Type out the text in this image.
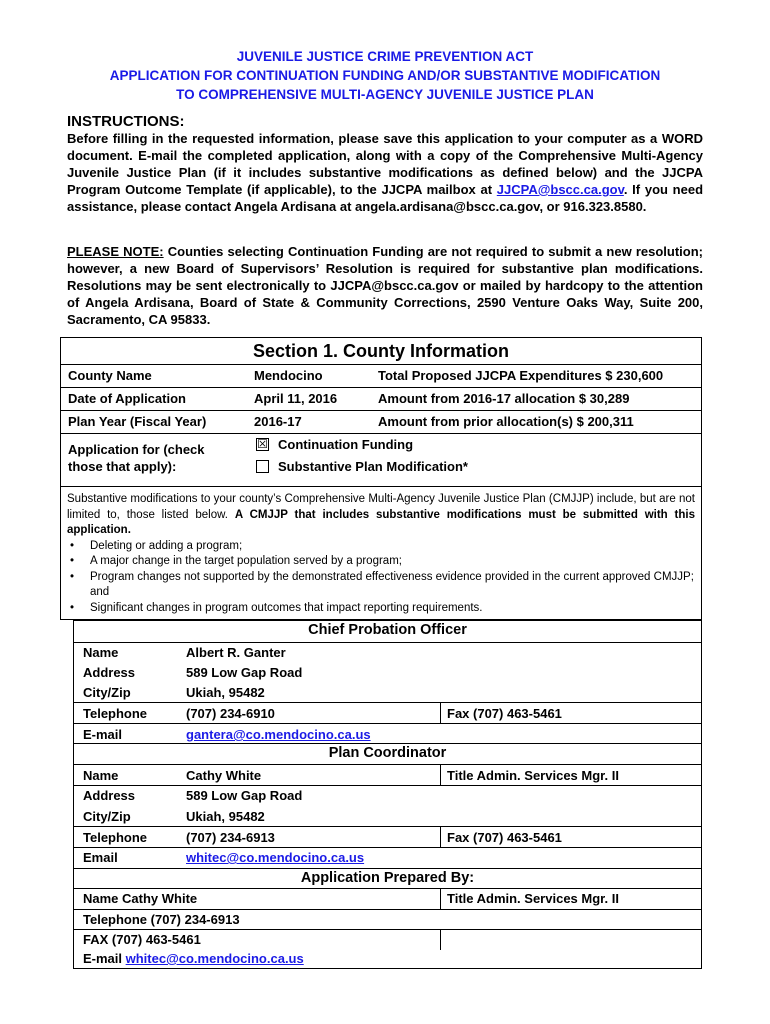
JUVENILE JUSTICE CRIME PREVENTION ACT
APPLICATION FOR CONTINUATION FUNDING AND/OR SUBSTANTIVE MODIFICATION
TO COMPREHENSIVE MULTI-AGENCY JUVENILE JUSTICE PLAN
INSTRUCTIONS:
Before filling in the requested information, please save this application to your computer as a WORD document. E-mail the completed application, along with a copy of the Comprehensive Multi-Agency Juvenile Justice Plan (if it includes substantive modifications as defined below) and the JJCPA Program Outcome Template (if applicable), to the JJCPA mailbox at JJCPA@bscc.ca.gov. If you need assistance, please contact Angela Ardisana at angela.ardisana@bscc.ca.gov, or 916.323.8580.
PLEASE NOTE: Counties selecting Continuation Funding are not required to submit a new resolution; however, a new Board of Supervisors’ Resolution is required for substantive plan modifications. Resolutions may be sent electronically to JJCPA@bscc.ca.gov or mailed by hardcopy to the attention of Angela Ardisana, Board of State & Community Corrections, 2590 Venture Oaks Way, Suite 200, Sacramento, CA 95833.
Section 1. County Information
County Name	Mendocino	Total Proposed JJCPA Expenditures $ 230,600
Date of Application	April 11, 2016	Amount from 2016-17 allocation $ 30,289
Plan Year (Fiscal Year)	2016-17	Amount from prior allocation(s) $ 200,311
Application for (check
those that apply):
☒ Continuation Funding
Substantive Plan Modification*
Substantive modifications to your county’s Comprehensive Multi-Agency Juvenile Justice Plan (CMJJP) include, but are not limited to, those listed below. A CMJJP that includes substantive modifications must be submitted with this application.
• Deleting or adding a program;
• A major change in the target population served by a program;
• Program changes not supported by the demonstrated effectiveness evidence provided in the current approved CMJJP; and
• Significant changes in program outcomes that impact reporting requirements.
Chief Probation Officer
Name	Albert R. Ganter
Address	589 Low Gap Road
City/Zip	Ukiah, 95482
Telephone	(707) 234-6910	Fax (707) 463-5461
E-mail	gantera@co.mendocino.ca.us
Plan Coordinator
Name	Cathy White	Title Admin. Services Mgr. II
Address	589 Low Gap Road
City/Zip	Ukiah, 95482
Telephone	(707) 234-6913	Fax (707) 463-5461
Email	whitec@co.mendocino.ca.us
Application Prepared By:
Name Cathy White	Title Admin. Services Mgr. II
Telephone (707) 234-6913
FAX (707) 463-5461
E-mail whitec@co.mendocino.ca.us
